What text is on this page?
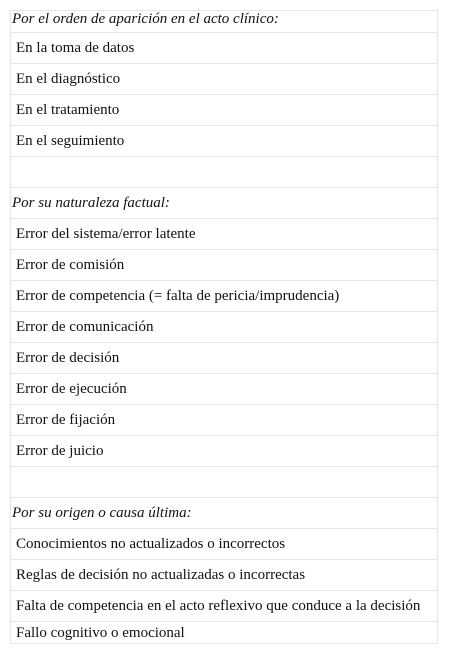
Por el orden de aparición en el acto clínico:
En la toma de datos
En el diagnóstico
En el tratamiento
En el seguimiento
Por su naturaleza factual:
Error del sistema/error latente
Error de comisión
Error de competencia (= falta de pericia/imprudencia)
Error de comunicación
Error de decisión
Error de ejecución
Error de fijación
Error de juicio
Por su origen o causa última:
Conocimientos no actualizados o incorrectos
Reglas de decisión no actualizadas o incorrectas
Falta de competencia en el acto reflexivo que conduce a la decisión
Fallo cognitivo o emocional
